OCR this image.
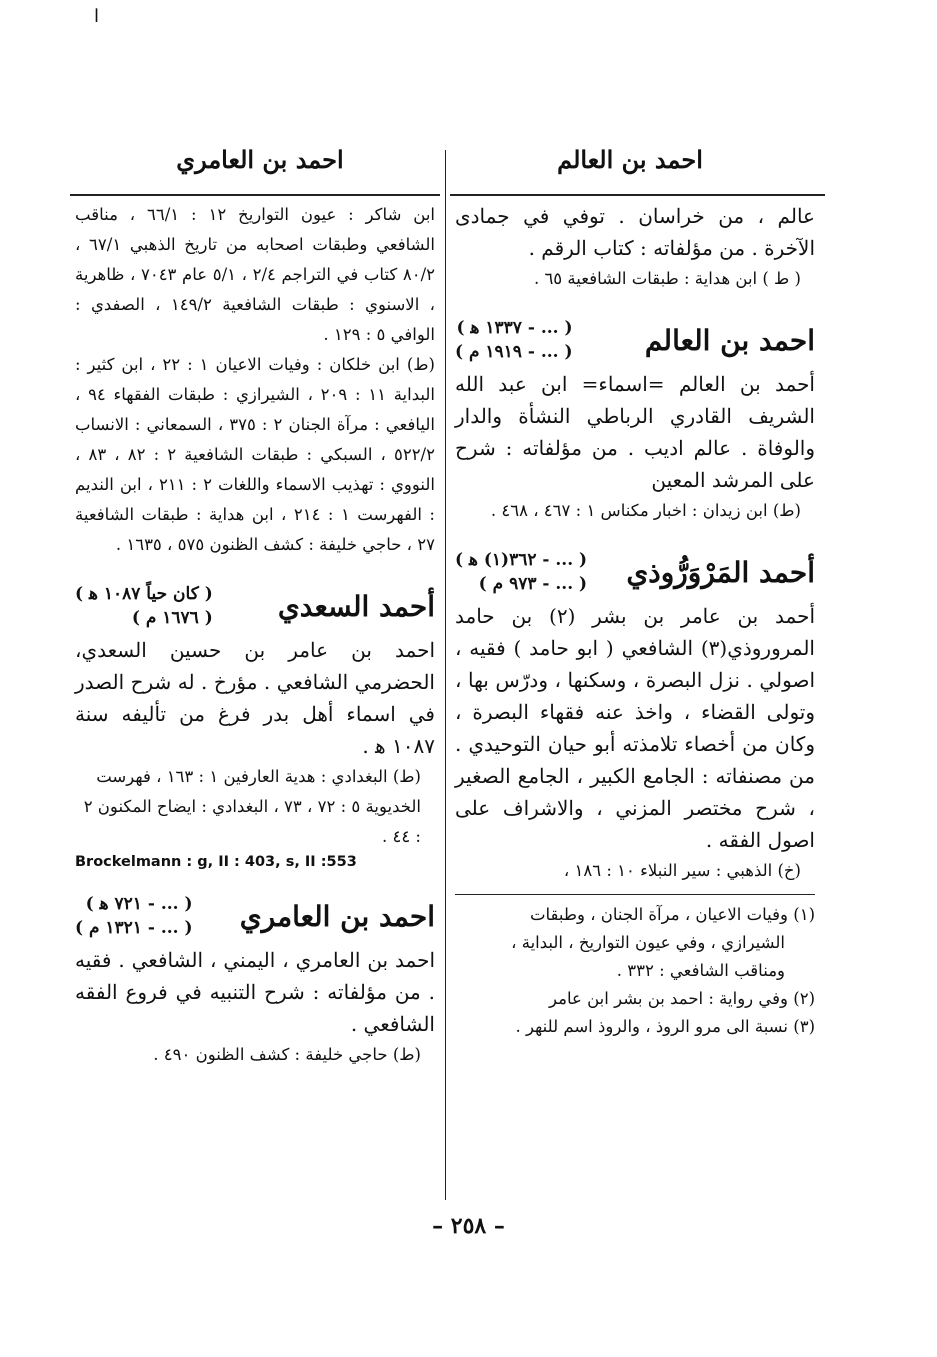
ا
احمد بن العالم
احمد بن العامري

عالم ، من خراسان . توفي في جمادى الآخرة . من مؤلفاته : كتاب الرقم .

( ط ) ابن هداية : طبقات الشافعية ٦٥ .

احمد بن العالم
( ... - ١٣٣٧ ﻫ )
( ... - ١٩١٩ م )

أحمد بن العالم =اسماء= ابن عبد الله الشريف القادري الرباطي النشأة والدار والوفاة . عالم اديب . من مؤلفاته : شرح على المرشد المعين

(ط) ابن زيدان : اخبار مكناس ١ : ٤٦٧ ، ٤٦٨ .

أحمد المَرْوَرُّوذي
( ... - ٣٦٢(١) ﻫ )
( ... - ٩٧٣ م )

أحمد بن عامر بن بشر (٢) بن حامد المروروذي(٣) الشافعي ( ابو حامد ) فقيه ، اصولي . نزل البصرة ، وسكنها ، ودرّس بها ، وتولى القضاء ، واخذ عنه فقهاء البصرة ، وكان من أخصاء تلامذته أبو حيان التوحيدي . من مصنفاته : الجامع الكبير ، الجامع الصغير ، شرح مختصر المزني ، والاشراف على اصول الفقه .

(خ) الذهبي : سير النبلاء ١٠ : ١٨٦ ،

(١) وفيات الاعيان ، مرآة الجنان ، وطبقات

الشيرازي ، وفي عيون التواريخ ، البداية ،

ومناقب الشافعي : ٣٣٢ .

(٢) وفي رواية : احمد بن بشر ابن عامر

(٣) نسبة الى مرو الروذ ، والروذ اسم للنهر .

ابن شاكر : عيون التواريخ ١٢ : ٦٦/١ ، مناقب الشافعي وطبقات اصحابه من تاريخ الذهبي ٦٧/١ ، ٨٠/٢ كتاب في التراجم ٢/٤ ، ٥/١ عام ٧٠٤٣ ، ظاهرية ، الاسنوي : طبقات الشافعية ١٤٩/٢ ، الصفدي : الوافي ٥ : ١٢٩ .

(ط) ابن خلكان : وفيات الاعيان ١ : ٢٢ ، ابن كثير : البداية ١١ : ٢٠٩ ، الشيرازي : طبقات الفقهاء ٩٤ ، اليافعي : مرآة الجنان ٢ : ٣٧٥ ، السمعاني : الانساب ٥٢٢/٢ ، السبكي : طبقات الشافعية ٢ : ٨٢ ، ٨٣ ، النووي : تهذيب الاسماء واللغات ٢ : ٢١١ ، ابن النديم : الفهرست ١ : ٢١٤ ، ابن هداية : طبقات الشافعية ٢٧ ، حاجي خليفة : كشف الظنون ٥٧٥ ، ١٦٣٥ .

أحمد السعدي
( كان حياً ١٠٨٧ ﻫ )
( ١٦٧٦ م )

احمد بن عامر بن حسين السعدي، الحضرمي الشافعي . مؤرخ . له شرح الصدر في اسماء أهل بدر فرغ من تأليفه سنة ١٠٨٧ ﻫ .

(ط) البغدادي : هدية العارفين ١ : ١٦٣ ، فهرست الخديوية ٥ : ٧٢ ، ٧٣ ، البغدادي : ايضاح المكنون ٢ : ٤٤ .

Brockelmann : g, II : 403, s, II :553

احمد بن العامري
( ... - ٧٢١ ﻫ )
( ... - ١٣٢١ م )

احمد بن العامري ، اليمني ، الشافعي . فقيه . من مؤلفاته : شرح التنبيه في فروع الفقه الشافعي .

(ط) حاجي خليفة : كشف الظنون ٤٩٠ .

– ٢٥٨ –
